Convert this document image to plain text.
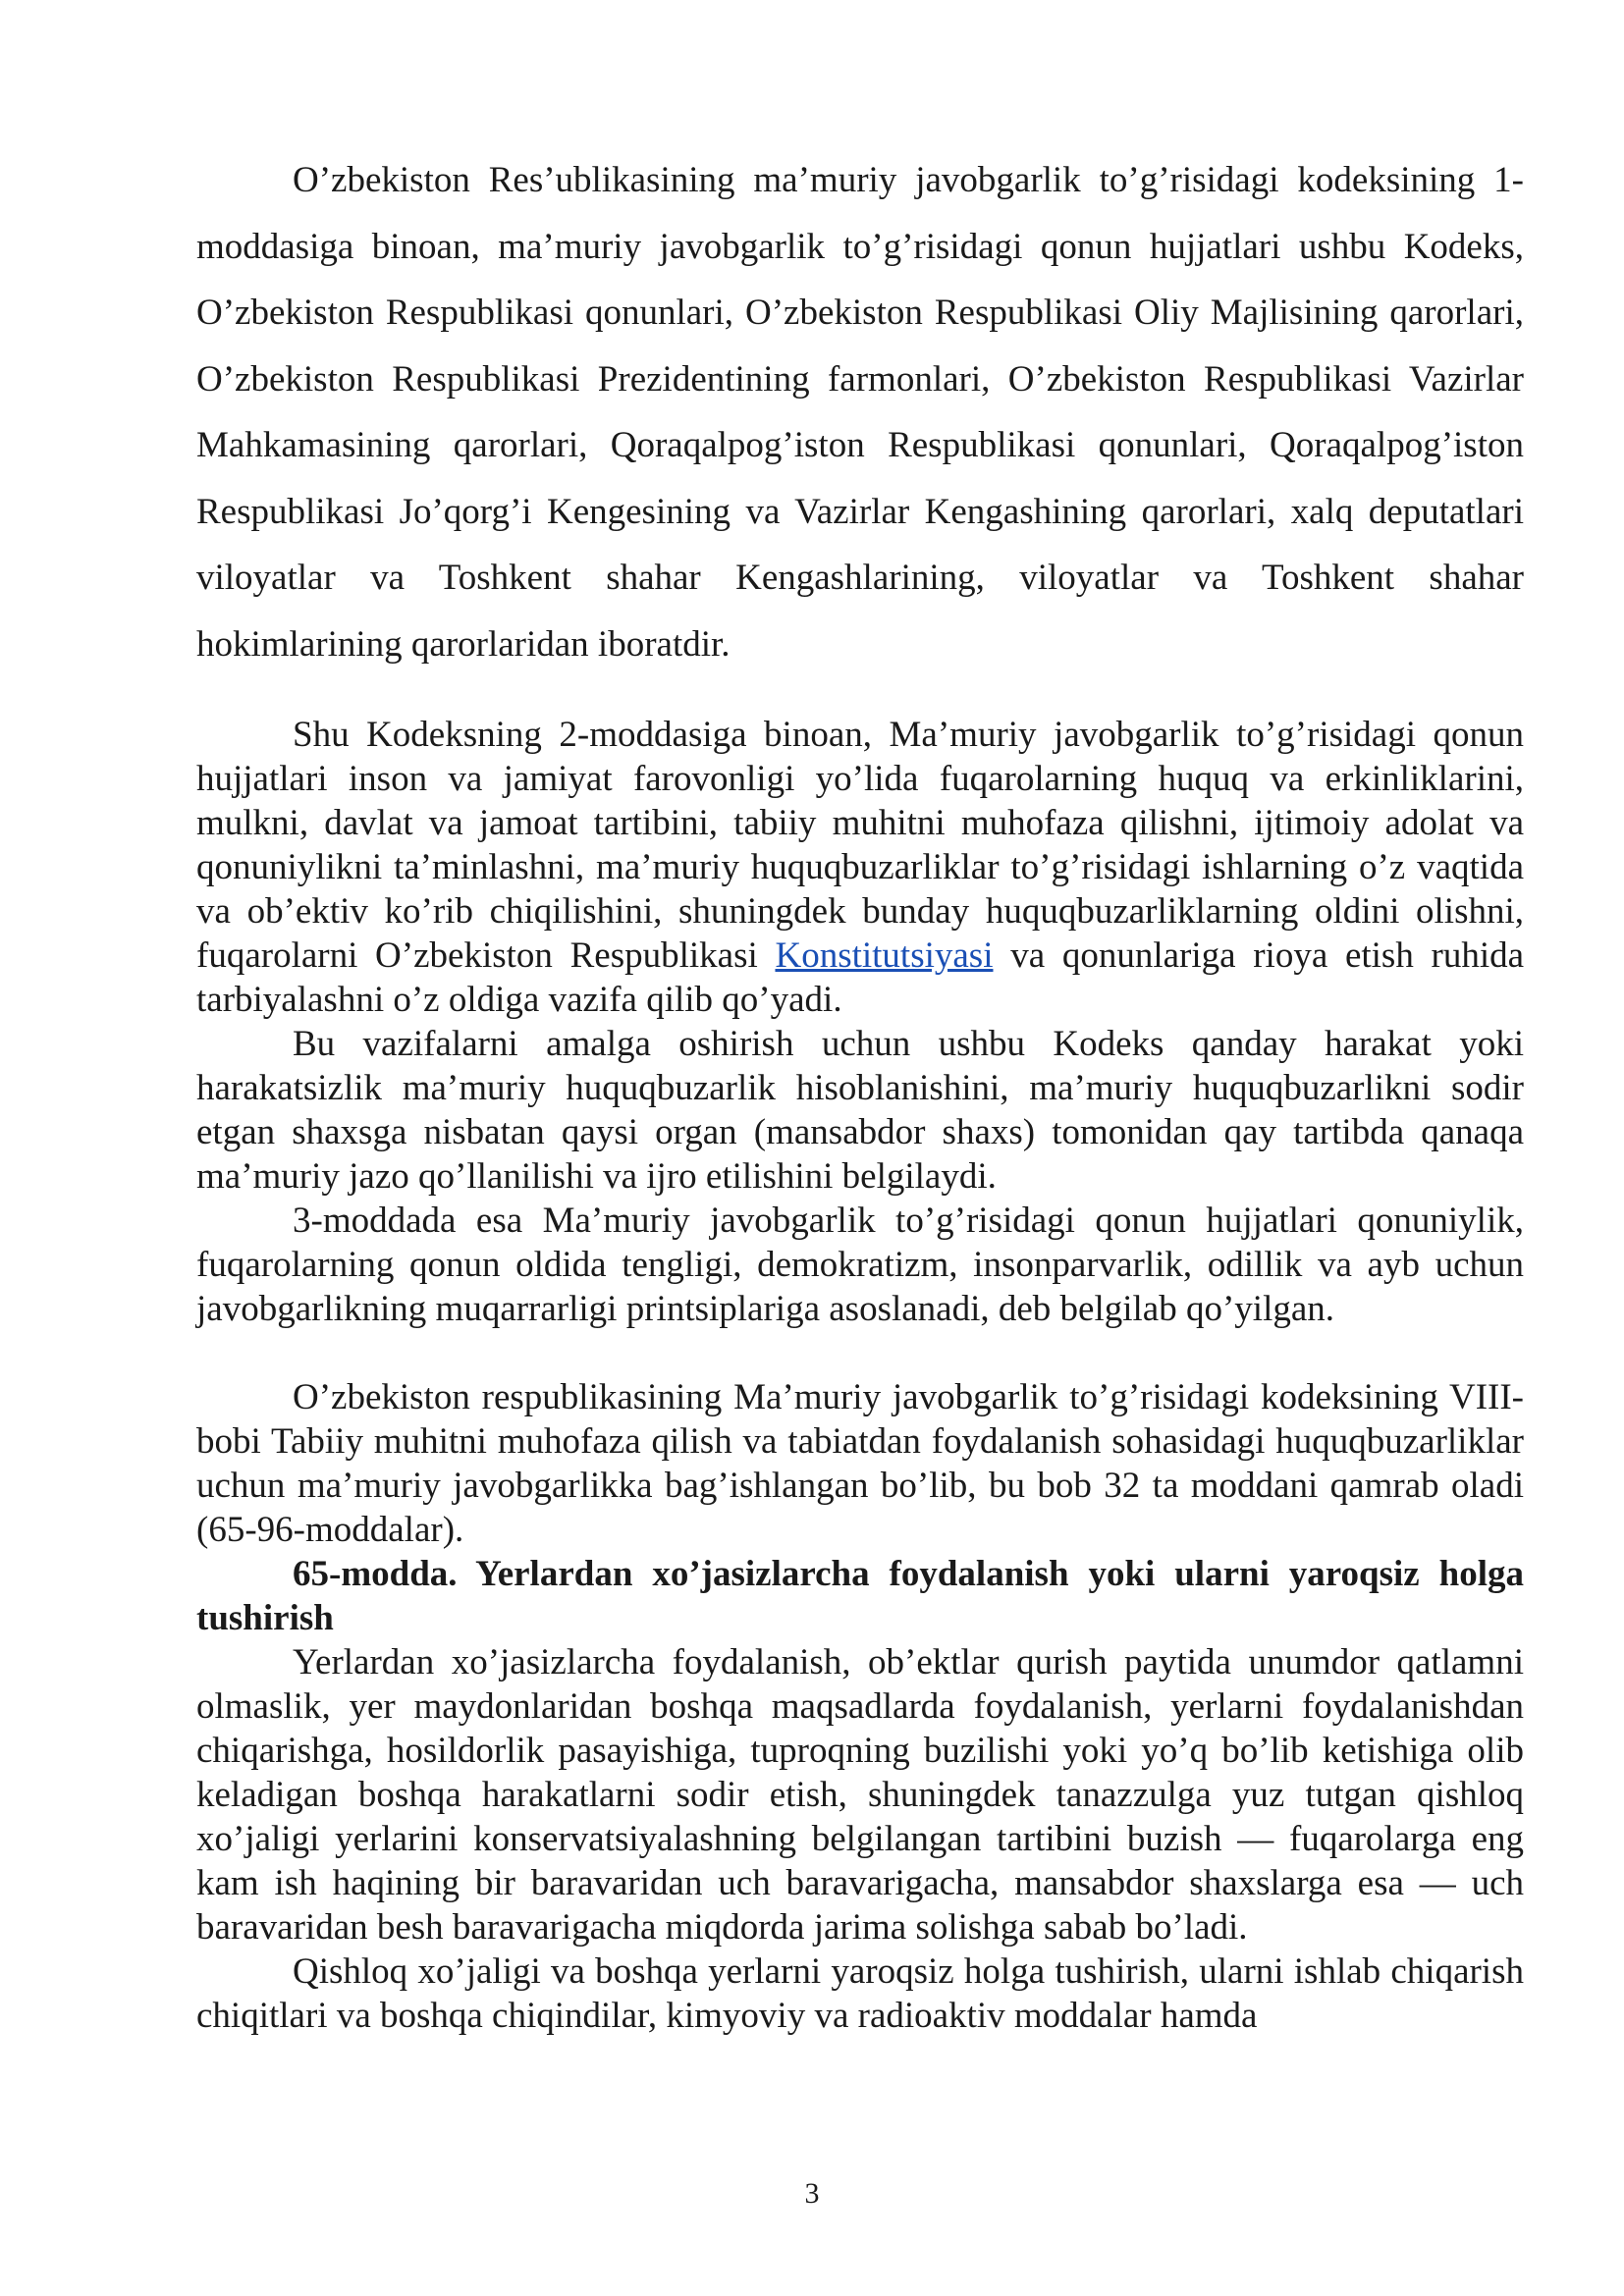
O’zbekiston Res’ublikasining ma’muriy javobgarlik to’g’risidagi kodeksining 1-moddasiga binoan, ma’muriy javobgarlik to’g’risidagi qonun hujjatlari ushbu Kodeks, O’zbekiston Respublikasi qonunlari, O’zbekiston Respublikasi Oliy Majlisining qarorlari, O’zbekiston Respublikasi Prezidentining farmonlari, O’zbekiston Respublikasi Vazirlar Mahkamasining qarorlari, Qoraqalpog’iston Respublikasi qonunlari, Qoraqalpog’iston Respublikasi Jo’qorg’i Kengesining va Vazirlar Kengashining qarorlari, xalq deputatlari viloyatlar va Toshkent shahar Kengashlarining, viloyatlar va Toshkent shahar hokimlarining qarorlaridan iboratdir.

Shu Kodeksning 2-moddasiga binoan, Ma’muriy javobgarlik to’g’risidagi qonun hujjatlari inson va jamiyat farovonligi yo’lida fuqarolarning huquq va erkinliklarini, mulkni, davlat va jamoat tartibini, tabiiy muhitni muhofaza qilishni, ijtimoiy adolat va qonuniylikni ta’minlashni, ma’muriy huquqbuzarliklar to’g’risidagi ishlarning o’z vaqtida va ob’ektiv ko’rib chiqilishini, shuningdek bunday huquqbuzarliklarning oldini olishni, fuqarolarni O’zbekiston Respublikasi Konstitutsiyasi va qonunlariga rioya etish ruhida tarbiyalashni o’z oldiga vazifa qilib qo’yadi.

Bu vazifalarni amalga oshirish uchun ushbu Kodeks qanday harakat yoki harakatsizlik ma’muriy huquqbuzarlik hisoblanishini, ma’muriy huquqbuzarlikni sodir etgan shaxsga nisbatan qaysi organ (mansabdor shaxs) tomonidan qay tartibda qanaqa ma’muriy jazo qo’llanilishi va ijro etilishini belgilaydi.

3-moddada esa Ma’muriy javobgarlik to’g’risidagi qonun hujjatlari qonuniylik, fuqarolarning qonun oldida tengligi, demokratizm, insonparvarlik, odillik va ayb uchun javobgarlikning muqarrarligi printsiplariga asoslanadi, deb belgilab qo’yilgan.

O’zbekiston respublikasining Ma’muriy javobgarlik to’g’risidagi kodeksining VIII-bobi Tabiiy muhitni muhofaza qilish va tabiatdan foydalanish sohasidagi huquqbuzarliklar uchun ma’muriy javobgarlikka bag’ishlangan bo’lib, bu bob 32 ta moddani qamrab oladi (65-96-moddalar).

65-modda. Yerlardan xo’jasizlarcha foydalanish yoki ularni yaroqsiz holga tushirish

Yerlardan xo’jasizlarcha foydalanish, ob’ektlar qurish paytida unumdor qatlamni olmaslik, yer maydonlaridan boshqa maqsadlarda foydalanish, yerlarni foydalanishdan chiqarishga, hosildorlik pasayishiga, tuproqning buzilishi yoki yo’q bo’lib ketishiga olib keladigan boshqa harakatlarni sodir etish, shuningdek tanazzulga yuz tutgan qishloq xo’jaligi yerlarini konservatsiyalashning belgilangan tartibini buzish — fuqarolarga eng kam ish haqining bir baravaridan uch baravarigacha, mansabdor shaxslarga esa — uch baravaridan besh baravarigacha miqdorda jarima solishga sabab bo’ladi.

Qishloq xo’jaligi va boshqa yerlarni yaroqsiz holga tushirish, ularni ishlab chiqarish chiqitlari va boshqa chiqindilar, kimyoviy va radioaktiv moddalar hamda

3
